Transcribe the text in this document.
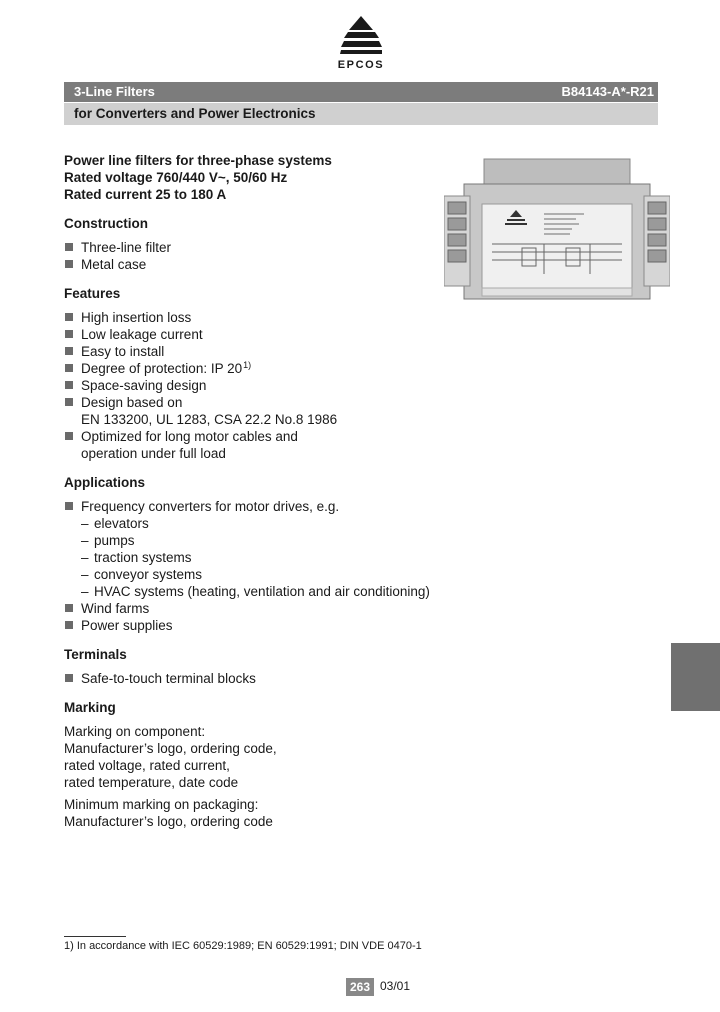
EPCOS
3-Line Filters	B84143-A*-R21
for Converters and Power Electronics
Power line filters for three-phase systems
Rated voltage 760/440 V~, 50/60 Hz
Rated current 25 to 180 A
Construction
Three-line filter
Metal case
Features
High insertion loss
Low leakage current
Easy to install
Degree of protection: IP 20$^{1)}$
Space-saving design
Design based on
EN 133200, UL 1283, CSA 22.2 No.8 1986
Optimized for long motor cables and
operation under full load
Applications
Frequency converters for motor drives, e.g.
– elevators
– pumps
– traction systems
– conveyor systems
– HVAC systems (heating, ventilation and air conditioning)
Wind farms
Power supplies
Terminals
Safe-to-touch terminal blocks
Marking
Marking on component:
Manufacturer’s logo, ordering code,
rated voltage, rated current,
rated temperature, date code
Minimum marking on packaging:
Manufacturer’s logo, ordering code
1) In accordance with IEC 60529:1989; EN 60529:1991; DIN VDE 0470-1
263 03/01
